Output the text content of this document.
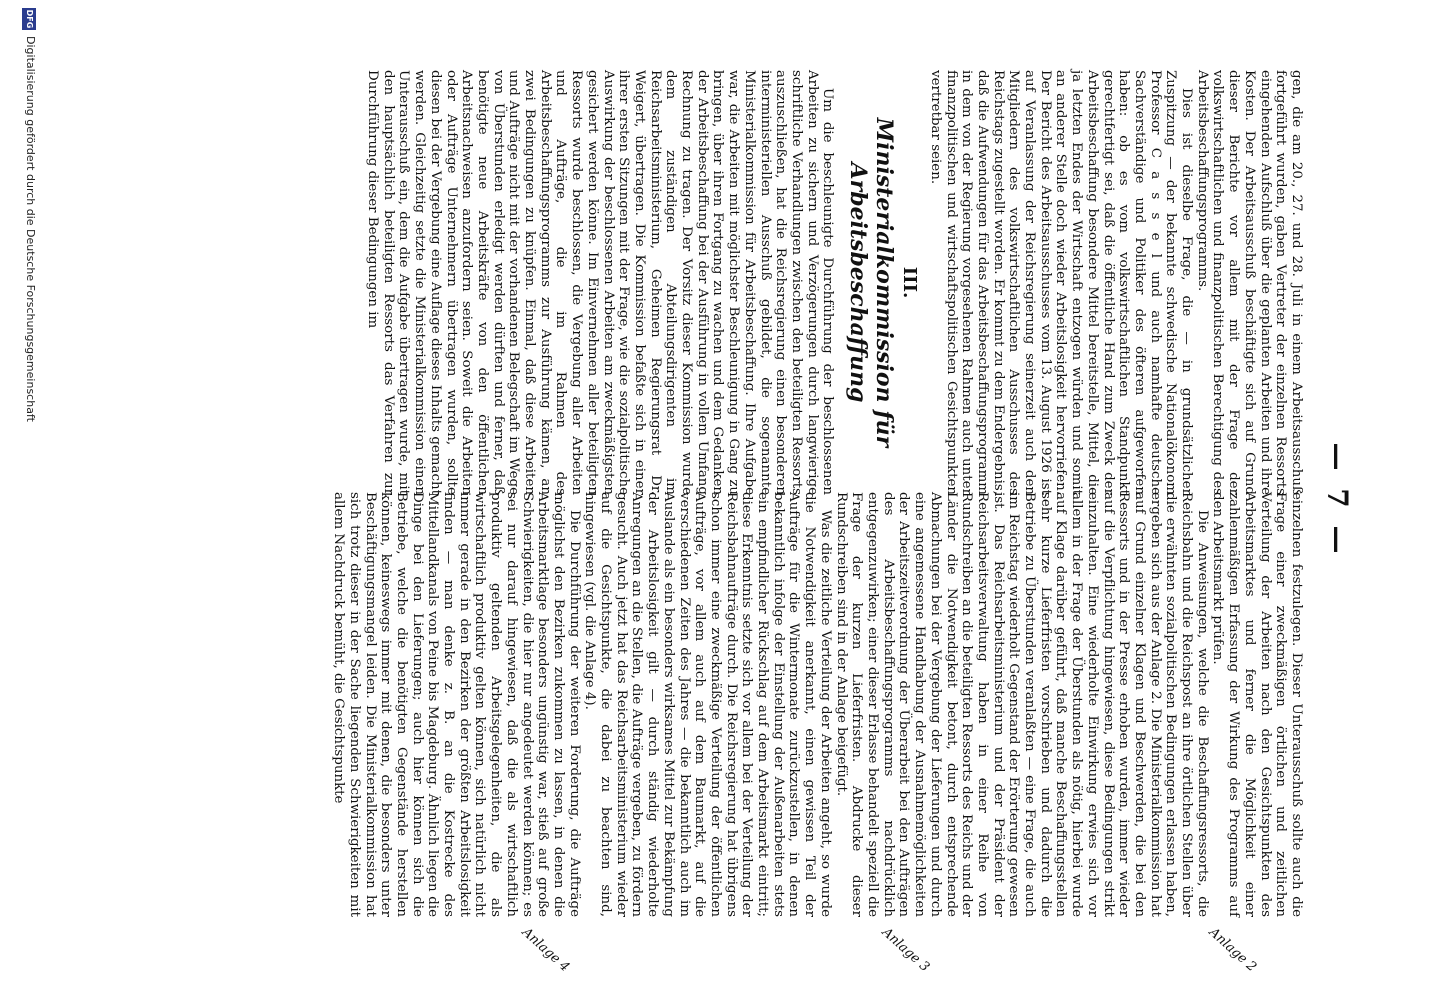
— 7 —

gen, die am 20., 27. und 28. Juli in einem Arbeitsausschuß fortgeführt wurden, gaben Vertreter der einzelnen Ressorts eingehenden Aufschluß über die geplanten Arbeiten und ihre Kosten. Der Arbeitsausschuß beschäftigte sich auf Grund dieser Berichte vor allem mit der Frage der volkswirtschaftlichen und finanzpolitischen Berechtigung des Arbeitsbeschaffungsprogramms.

Dies ist dieselbe Frage, die — in grundsätzlicher Zuspitzung — der bekannte schwedische Nationalökonom Professor C a s s e l und auch namhafte deutsche Sachverständige und Politiker des öfteren aufgeworfen haben: ob es vom volkswirtschaftlichen Standpunkt gerechtfertigt sei, daß die öffentliche Hand zum Zweck der Arbeitsbeschaffung besondere Mittel bereitstelle, Mittel, die ja letzten Endes der Wirtschaft entzogen würden und somit an anderer Stelle doch wieder Arbeitslosigkeit hervorriefen. Der Bericht des Arbeitsausschusses vom 13. August 1926 ist auf Veranlassung der Reichsregierung seinerzeit auch den Mitgliedern des volkswirtschaftlichen Ausschusses des Reichstags zugestellt worden. Er kommt zu dem Endergebnis, daß die Aufwendungen für das Arbeitsbeschaffungsprogramm in dem von der Regierung vorgesehenen Rahmen auch unter finanzpolitischen und wirtschaftspolitischen Gesichtspunkten vertretbar seien.

III.
Ministerialkommission für Arbeitsbeschaffung

Um die beschleunigte Durchführung der beschlossenen Arbeiten zu sichern und Verzögerungen durch langwierige schriftliche Verhandlungen zwischen den beteiligten Ressorts auszuschließen, hat die Reichsregierung einen besonderen interministeriellen Ausschuß gebildet, die sogenannte Ministerialkommission für Arbeitsbeschaffung. Ihre Aufgabe war, die Arbeiten mit möglichster Beschleunigung in Gang zu bringen, über ihren Fortgang zu wachen und dem Gedanken der Arbeitsbeschaffung bei der Ausführung in vollem Umfang Rechnung zu tragen. Der Vorsitz dieser Kommission wurde dem zuständigen Abteilungsdirigenten im Reichsarbeitsministerium, Geheimen Regierungsrat Dr. Weigert, übertragen. Die Kommission befaßte sich in einer ihrer ersten Sitzungen mit der Frage, wie die sozialpolitische Auswirkung der beschlossenen Arbeiten am zweckmäßigsten gesichert werden könne. Im Einvernehmen aller beteiligten Ressorts wurde beschlossen, die Vergebung aller Arbeiten und Aufträge, die im Rahmen des Arbeitsbeschaffungsprogramms zur Ausführung kämen, an zwei Bedingungen zu knüpfen. Einmal, daß diese Arbeiten und Aufträge nicht mit der vorhandenen Belegschaft im Wege von Überstunden erledigt werden dürften und ferner, daß benötigte neue Arbeitskräfte von den öffentlichen Arbeitsnachweisen anzufordern seien. Soweit die Arbeiten oder Aufträge Unternehmern übertragen wurden, sollte diesen bei der Vergebung eine Auflage dieses Inhalts gemacht werden. Gleichzeitig setzte die Ministerialkommission einen Unterausschuß ein, dem die Aufgabe übertragen wurde, mit den hauptsächlich beteiligten Ressorts das Verfahren zur Durchführung dieser Bedingungen im

einzelnen festzulegen. Dieser Unterausschuß sollte auch die Frage einer zweckmäßigen örtlichen und zeitlichen Verteilung der Arbeiten nach den Gesichtspunkten des Arbeitsmarktes und ferner die Möglichkeit einer zahlenmäßigen Erfassung der Wirkung des Programms auf den Arbeitsmarkt prüfen.

Die Anweisungen, welche die Beschaffungsressorts, die Reichsbahn und die Reichspost an ihre örtlichen Stellen über die erwähnten sozialpolitischen Bedingungen erlassen haben, ergeben sich aus der Anlage 2. Die Ministerialkommission hat auf Grund einzelner Klagen und Beschwerden, die bei den Ressorts und in der Presse erhoben wurden, immer wieder auf die Verpflichtung hingewiesen, diese Bedingungen strikt einzuhalten. Eine wiederholte Einwirkung erwies sich vor allem in der Frage der Überstunden als nötig, hierbei wurde auf Klage darüber geführt, daß manche Beschaffungsstellen sehr kurze Lieferfristen vorschrieben und dadurch die Betriebe zu Überstunden veranlaßten — eine Frage, die auch im Reichstag wiederholt Gegenstand der Erörterung gewesen ist. Das Reichsarbeitsministerium und der Präsident der Reichsarbeitsverwaltung haben in einer Reihe von Rundschreiben an die beteiligten Ressorts des Reichs und der Länder die Notwendigkeit betont, durch entsprechende Abmachungen bei der Vergebung der Lieferungen und durch eine angemessene Handhabung der Ausnahmemöglichkeiten der Arbeitszeitverordnung der Überarbeit bei den Aufträgen des Arbeitsbeschaffungsprogramms nachdrücklich entgegenzuwirken; einer dieser Erlasse behandelt speziell die Frage der kurzen Lieferfristen. Abdrucke dieser Rundschreiben sind in der Anlage beigefügt.

Was die zeitliche Verteilung der Arbeiten angeht, so wurde die Notwendigkeit anerkannt, einen gewissen Teil der Aufträge für die Wintermonate zurückzustellen, in denen bekanntlich infolge der Einstellung der Außenarbeiten stets ein empfindlicher Rückschlag auf dem Arbeitsmarkt eintritt; diese Erkenntnis setzte sich vor allem bei der Verteilung der Reichsbahnaufträge durch. Die Reichsregierung hat übrigens schon immer eine zweckmäßige Verteilung der öffentlichen Aufträge, vor allem auch auf dem Baumarkt, auf die verschiedenen Zeiten des Jahres — die bekanntlich auch im Auslande als ein besonders wirksames Mittel zur Bekämpfung der Arbeitslosigkeit gilt — durch ständig wiederholte Anregungen an die Stellen, die Aufträge vergeben, zu fördern gesucht. Auch jetzt hat das Reichsarbeitsministerium wieder auf die Gesichtspunkte, die dabei zu beachten sind, hingewiesen (vgl. die Anlage 4).

Die Durchführung der weiteren Forderung, die Aufträge möglichst den Bezirken zukommen zu lassen, in denen die Arbeitsmarktlage besonders ungünstig war, stieß auf große Schwierigkeiten, die hier nur angedeutet werden können; es sei nur darauf hingewiesen, daß die als wirtschaftlich produktiv geltenden Arbeitsgelegenheiten, die als wirtschaftlich produktiv gelten können, sich natürlich nicht immer gerade in den Bezirken der größten Arbeitslosigkeit finden — man denke z. B. an die Kostrecke des Mittellandkanals von Peine bis Magdeburg. Ähnlich liegen die Dinge bei den Lieferungen; auch hier können sich die Betriebe, welche die benötigten Gegenstände herstellen können, keineswegs immer mit denen, die besonders unter Beschäftigungsmangel leiden. Die Ministerialkommission hat sich trotz dieser in der Sache liegenden Schwierigkeiten mit allem Nachdruck bemüht, die Gesichtspunkte

Anlage 2
Anlage 3
Anlage 4
DFG
Digitalisierung gefördert durch die Deutsche Forschungsgemeinschaft
